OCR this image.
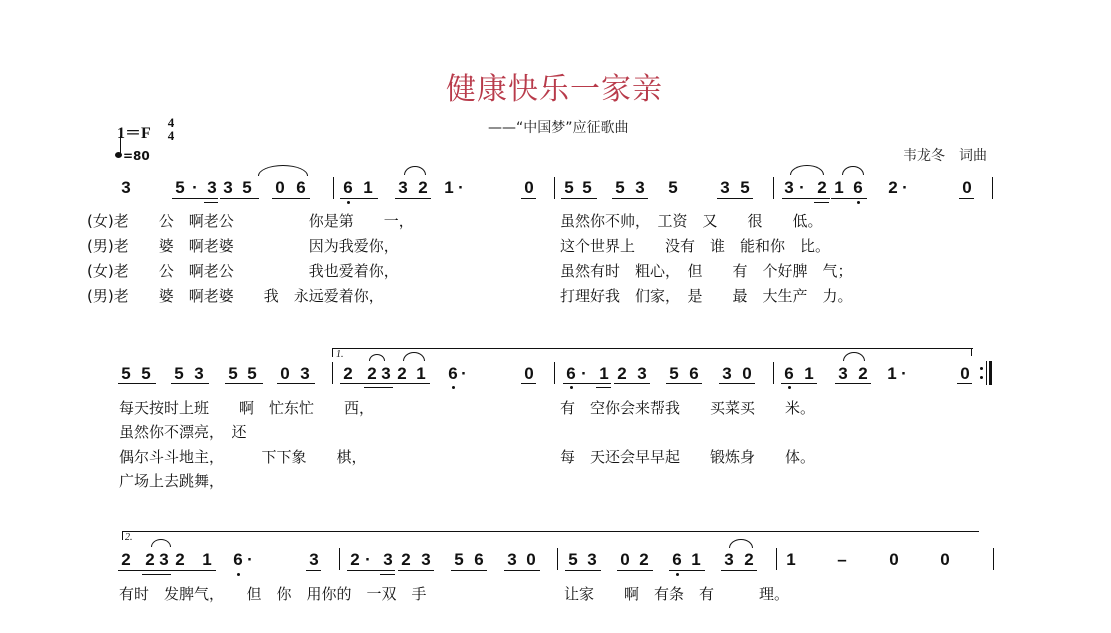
健康快乐一家亲
——“中国梦”应征歌曲
韦龙冬　词曲
1＝F
4
4
=80
3	5 · 3 3 5 0 6 6 1 3 2 1 ·	0 5 5 5 3 5	3 5 3 · 2 1 6 2 ·	0
(女)老　　公　啊老公　　　　　你是第　　一，
(男)老　　婆　啊老婆　　　　　因为我爱你，
(女)老　　公　啊老公　　　　　我也爱着你，
(男)老　　婆　啊老婆　　我　永远爱着你，
虽然你不帅，　工资　又　　很　　低。
这个世界上　　没有　谁　能和你　比。
虽然有时　粗心，　但　　有　个好脾　气；
打理好我　们家，　是　　最　大生产　力。
1.
5 5 5 3 5 5 0 3 2 2 3 2 1 6 ·	0 6 · 1 2 3 5 6 3 0 6 1 3 2 1 ·	0
每天按时上班　　啊　忙东忙　　西，
虽然你不漂亮，　还
偶尔斗斗地主，　　　下下象　　棋，
广场上去跳舞，
有　空你会来帮我　　买菜买　　米。
每　天还会早早起　　锻炼身　　体。
2.
2 2 3 2 1 6 ·	3 2 · 3 2 3 5 6 3 0 5 3 0 2 6 1 3 2 1 –	0 0
有时　发脾气，　　但　你　用你的　一双　手	让家　　啊　有条　有　　　理。
